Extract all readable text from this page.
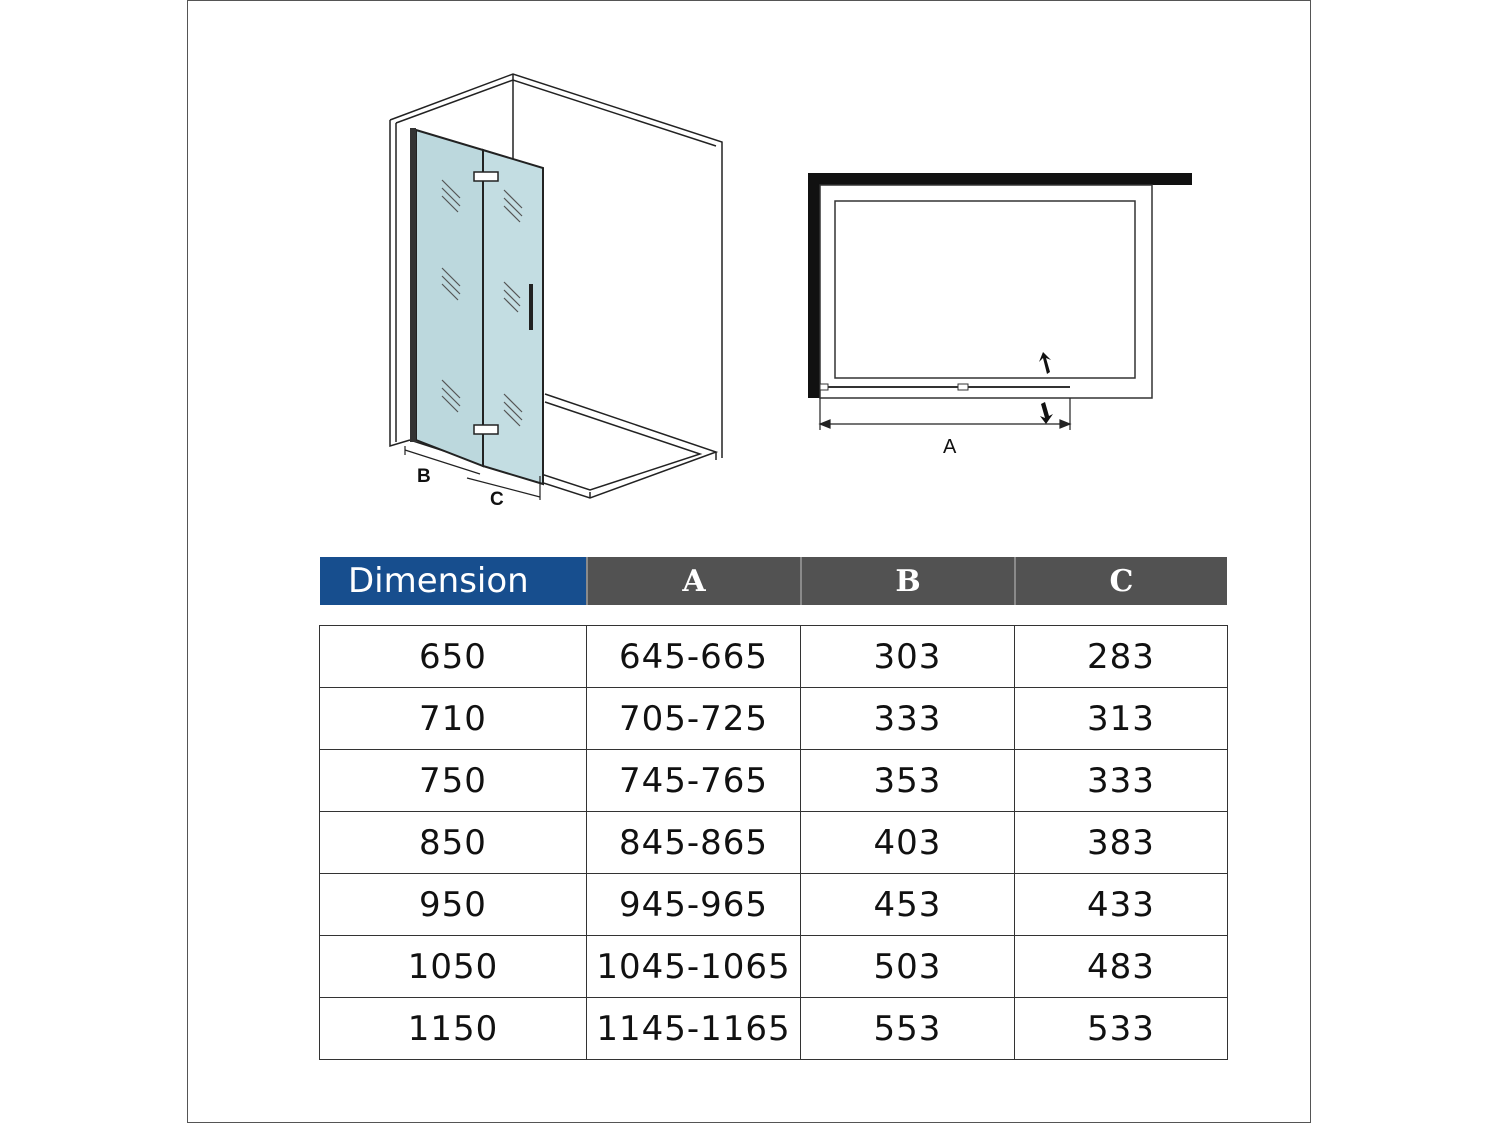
B
C
A
Dimension	A	B	C
650	645-665	303	283
710	705-725	333	313
750	745-765	353	333
850	845-865	403	383
950	945-965	453	433
1050	1045-1065	503	483
1150	1145-1165	553	533
